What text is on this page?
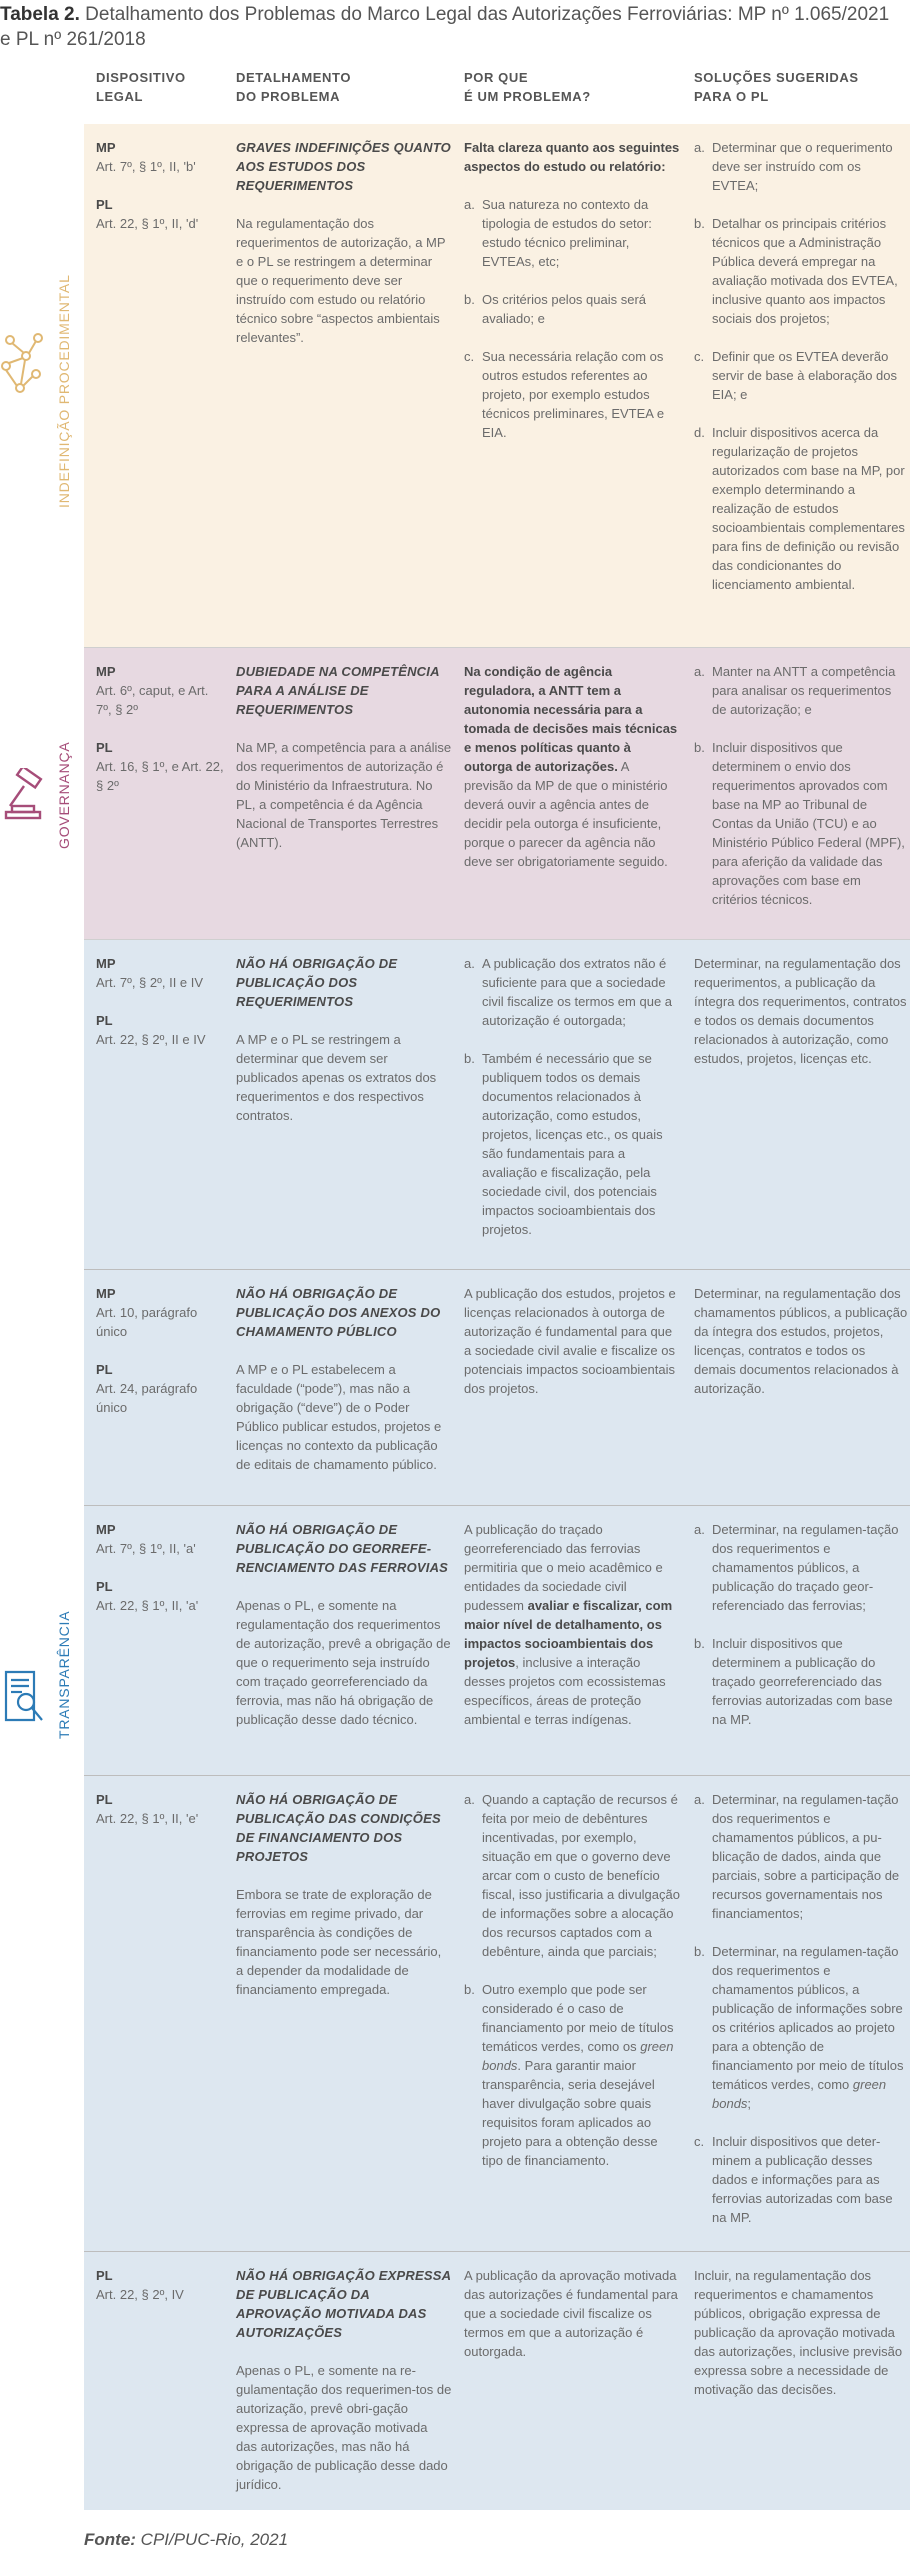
Tabela 2. Detalhamento dos Problemas do Marco Legal das Autorizações Ferroviárias: MP nº 1.065/2021 e PL nº 261/2018
DISPOSITIVO
LEGAL
DETALHAMENTO
DO PROBLEMA
POR QUE
É UM PROBLEMA?
SOLUÇÕES SUGERIDAS
PARA O PL
INDEFINIÇÃO PROCEDIMENTAL
GOVERNANÇA
TRANSPARÊNCIA
MP
Art. 7º, § 1º, II, 'b'
PL
Art. 22, § 1º, II, 'd'
GRAVES INDEFINIÇÕES QUANTO AOS ESTUDOS DOS REQUERIMENTOS
Na regulamentação dos requerimentos de autorização, a MP e o PL se restringem a determinar que o requerimento deve ser instruído com estudo ou relatório técnico sobre “aspectos ambientais relevantes”.
Falta clareza quanto aos seguintes aspectos do estudo ou relatório:
a. Sua natureza no contexto da tipologia de estudos do setor: estudo técnico preliminar, EVTEAs, etc;
b. Os critérios pelos quais será avaliado; e
c. Sua necessária relação com os outros estudos referentes ao projeto, por exemplo estudos técnicos preliminares, EVTEA e EIA.
a. Determinar que o requerimento deve ser instruído com os EVTEA;
b. Detalhar os principais critérios técnicos que a Administração Pública deverá empregar na avaliação motivada dos EVTEA, inclusive quanto aos impactos sociais dos projetos;
c. Definir que os EVTEA deverão servir de base à elaboração dos EIA; e
d. Incluir dispositivos acerca da regularização de projetos autorizados com base na MP, por exemplo determinando a realização de estudos socioambientais complementares para fins de definição ou revisão das condicionantes do licenciamento ambiental.
MP
Art. 6º, caput, e Art. 7º, § 2º
PL
Art. 16, § 1º, e Art. 22, § 2º
DUBIEDADE NA COMPETÊNCIA PARA A ANÁLISE DE REQUERIMENTOS
Na MP, a competência para a análise dos requerimentos de autorização é do Ministério da Infraestrutura. No PL, a competência é da Agência Nacional de Transportes Terrestres (ANTT).
Na condição de agência reguladora, a ANTT tem a autonomia necessária para a tomada de decisões mais técnicas e menos políticas quanto à outorga de autorizações. A previsão da MP de que o ministério deverá ouvir a agência antes de decidir pela outorga é insuficiente, porque o parecer da agência não deve ser obrigatoriamente seguido.
a. Manter na ANTT a competência para analisar os requerimentos de autorização; e
b. Incluir dispositivos que determinem o envio dos requerimentos aprovados com base na MP ao Tribunal de Contas da União (TCU) e ao Ministério Público Federal (MPF), para aferição da validade das aprovações com base em critérios técnicos.
MP
Art. 7º, § 2º, II e IV
PL
Art. 22, § 2º, II e IV
NÃO HÁ OBRIGAÇÃO DE PUBLICAÇÃO DOS REQUERIMENTOS
A MP e o PL se restringem a determinar que devem ser publicados apenas os extratos dos requerimentos e dos respectivos contratos.
a. A publicação dos extratos não é suficiente para que a sociedade civil fiscalize os termos em que a autorização é outorgada;
b. Também é necessário que se publiquem todos os demais documentos relacionados à autorização, como estudos, projetos, licenças etc., os quais são fundamentais para a avaliação e fiscalização, pela sociedade civil, dos potenciais impactos socioambientais dos projetos.
Determinar, na regulamentação dos requerimentos, a publicação da íntegra dos requerimentos, contratos e todos os demais documentos relacionados à autorização, como estudos, projetos, licenças etc.
MP
Art. 10, parágrafo único
PL
Art. 24, parágrafo único
NÃO HÁ OBRIGAÇÃO DE PUBLICAÇÃO DOS ANEXOS DO CHAMAMENTO PÚBLICO
A MP e o PL estabelecem a faculdade (“pode”), mas não a obrigação (“deve”) de o Poder Público publicar estudos, projetos e licenças no contexto da publicação de editais de chamamento público.
A publicação dos estudos, projetos e licenças relacionados à outorga de autorização é fundamental para que a sociedade civil avalie e fiscalize os potenciais impactos socioambientais dos projetos.
Determinar, na regulamentação dos chamamentos públicos, a publicação da íntegra dos estudos, projetos, licenças, contratos e todos os demais documentos relacionados à autorização.
MP
Art. 7º, § 1º, II, 'a'
PL
Art. 22, § 1º, II, 'a'
NÃO HÁ OBRIGAÇÃO DE PUBLICAÇÃO DO GEORREFE-RENCIAMENTO DAS FERROVIAS
Apenas o PL, e somente na regulamentação dos requerimentos de autorização, prevê a obrigação de que o requerimento seja instruído com traçado georreferenciado da ferrovia, mas não há obrigação de publicação desse dado técnico.
A publicação do traçado georreferenciado das ferrovias permitiria que o meio acadêmico e entidades da sociedade civil pudessem avaliar e fiscalizar, com maior nível de detalhamento, os impactos socioambientais dos projetos, inclusive a interação desses projetos com ecossistemas específicos, áreas de proteção ambiental e terras indígenas.
a. Determinar, na regulamen-tação dos requerimentos e chamamentos públicos, a publicação do traçado geor-referenciado das ferrovias;
b. Incluir dispositivos que determinem a publicação do traçado georreferenciado das ferrovias autorizadas com base na MP.
PL
Art. 22, § 1º, II, 'e'
NÃO HÁ OBRIGAÇÃO DE PUBLICAÇÃO DAS CONDIÇÕES DE FINANCIAMENTO DOS PROJETOS
Embora se trate de exploração de ferrovias em regime privado, dar transparência às condições de financiamento pode ser necessário, a depender da modalidade de financiamento empregada.
a. Quando a captação de recursos é feita por meio de debêntures incentivadas, por exemplo, situação em que o governo deve arcar com o custo de benefício fiscal, isso justificaria a divulgação de informações sobre a alocação dos recursos captados com a debênture, ainda que parciais;
b. Outro exemplo que pode ser considerado é o caso de financiamento por meio de títulos temáticos verdes, como os green bonds. Para garantir maior transparência, seria desejável haver divulgação sobre quais requisitos foram aplicados ao projeto para a obtenção desse tipo de financiamento.
a. Determinar, na regulamen-tação dos requerimentos e chamamentos públicos, a pu-blicação de dados, ainda que parciais, sobre a participação de recursos governamentais nos financiamentos;
b. Determinar, na regulamen-tação dos requerimentos e chamamentos públicos, a publicação de informações sobre os critérios aplicados ao projeto para a obtenção de financiamento por meio de títulos temáticos verdes, como green bonds;
c. Incluir dispositivos que deter-minem a publicação desses dados e informações para as ferrovias autorizadas com base na MP.
PL
Art. 22, § 2º, IV
NÃO HÁ OBRIGAÇÃO EXPRESSA DE PUBLICAÇÃO DA APROVAÇÃO MOTIVADA DAS AUTORIZAÇÕES
Apenas o PL, e somente na re-gulamentação dos requerimen-tos de autorização, prevê obri-gação expressa de aprovação motivada das autorizações, mas não há obrigação de publicação desse dado jurídico.
A publicação da aprovação motivada das autorizações é fundamental para que a sociedade civil fiscalize os termos em que a autorização é outorgada.
Incluir, na regulamentação dos requerimentos e chamamentos públicos, obrigação expressa de publicação da aprovação motivada das autorizações, inclusive previsão expressa sobre a necessidade de motivação das decisões.
Fonte: CPI/PUC-Rio, 2021
